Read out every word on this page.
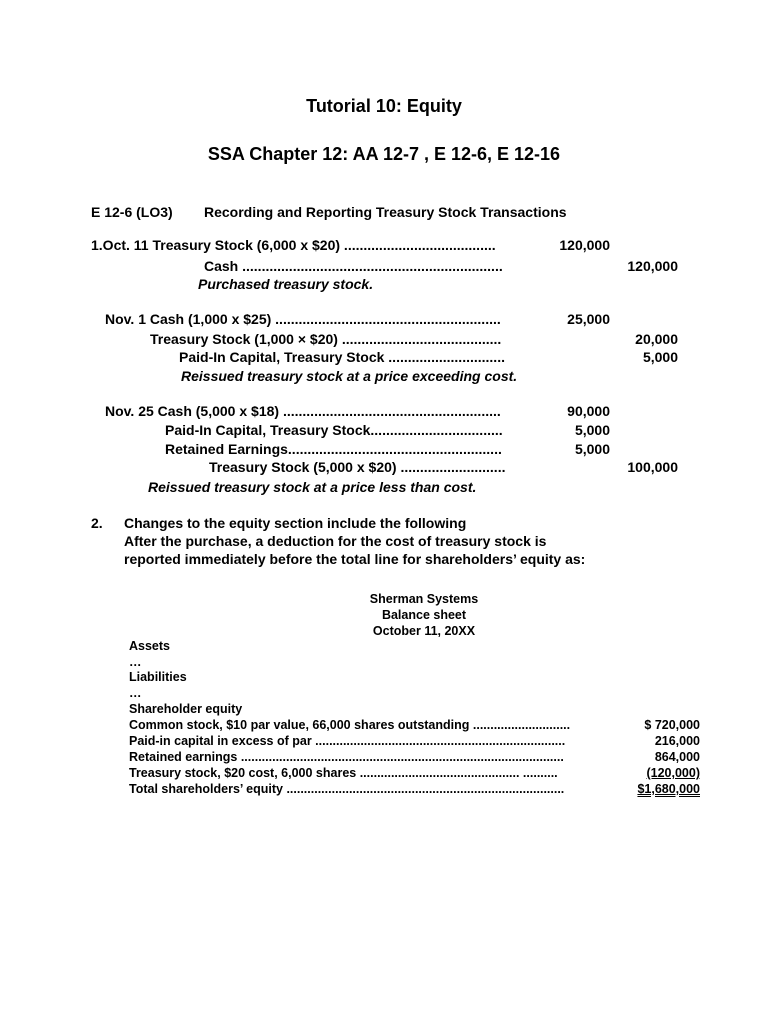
Tutorial 10: Equity
SSA Chapter 12: AA 12-7 , E 12-6, E 12-16
E 12-6 (LO3) Recording and Reporting Treasury Stock Transactions
1.Oct. 11 Treasury Stock (6,000 x $20) .......................................	120,000
Cash ...................................................................	120,000
Purchased treasury stock.
Nov. 1 Cash (1,000 x $25) ..........................................................	25,000
Treasury Stock (1,000 × $20) .........................................	20,000
Paid-In Capital, Treasury Stock ..............................	5,000
Reissued treasury stock at a price exceeding cost.
Nov. 25 Cash (5,000 x $18) ........................................................	90,000
Paid-In Capital, Treasury Stock..................................	5,000
Retained Earnings.......................................................	5,000
Treasury Stock (5,000 x $20) ...........................	100,000
Reissued treasury stock at a price less than cost.
2. Changes to the equity section include the following
After the purchase, a deduction for the cost of treasury stock is
reported immediately before the total line for shareholders’ equity as:
Sherman Systems
Balance sheet
October 11, 20XX
Assets
…
Liabilities
…
Shareholder equity
Common stock, $10 par value, 66,000 shares outstanding ............................	$ 720,000
Paid-in capital in excess of par ........................................................................	216,000
Retained earnings .............................................................................................	864,000
Treasury stock, $20 cost, 6,000 shares .............................................. ..........	(120,000)
Total shareholders’ equity ................................................................................	$1,680,000
